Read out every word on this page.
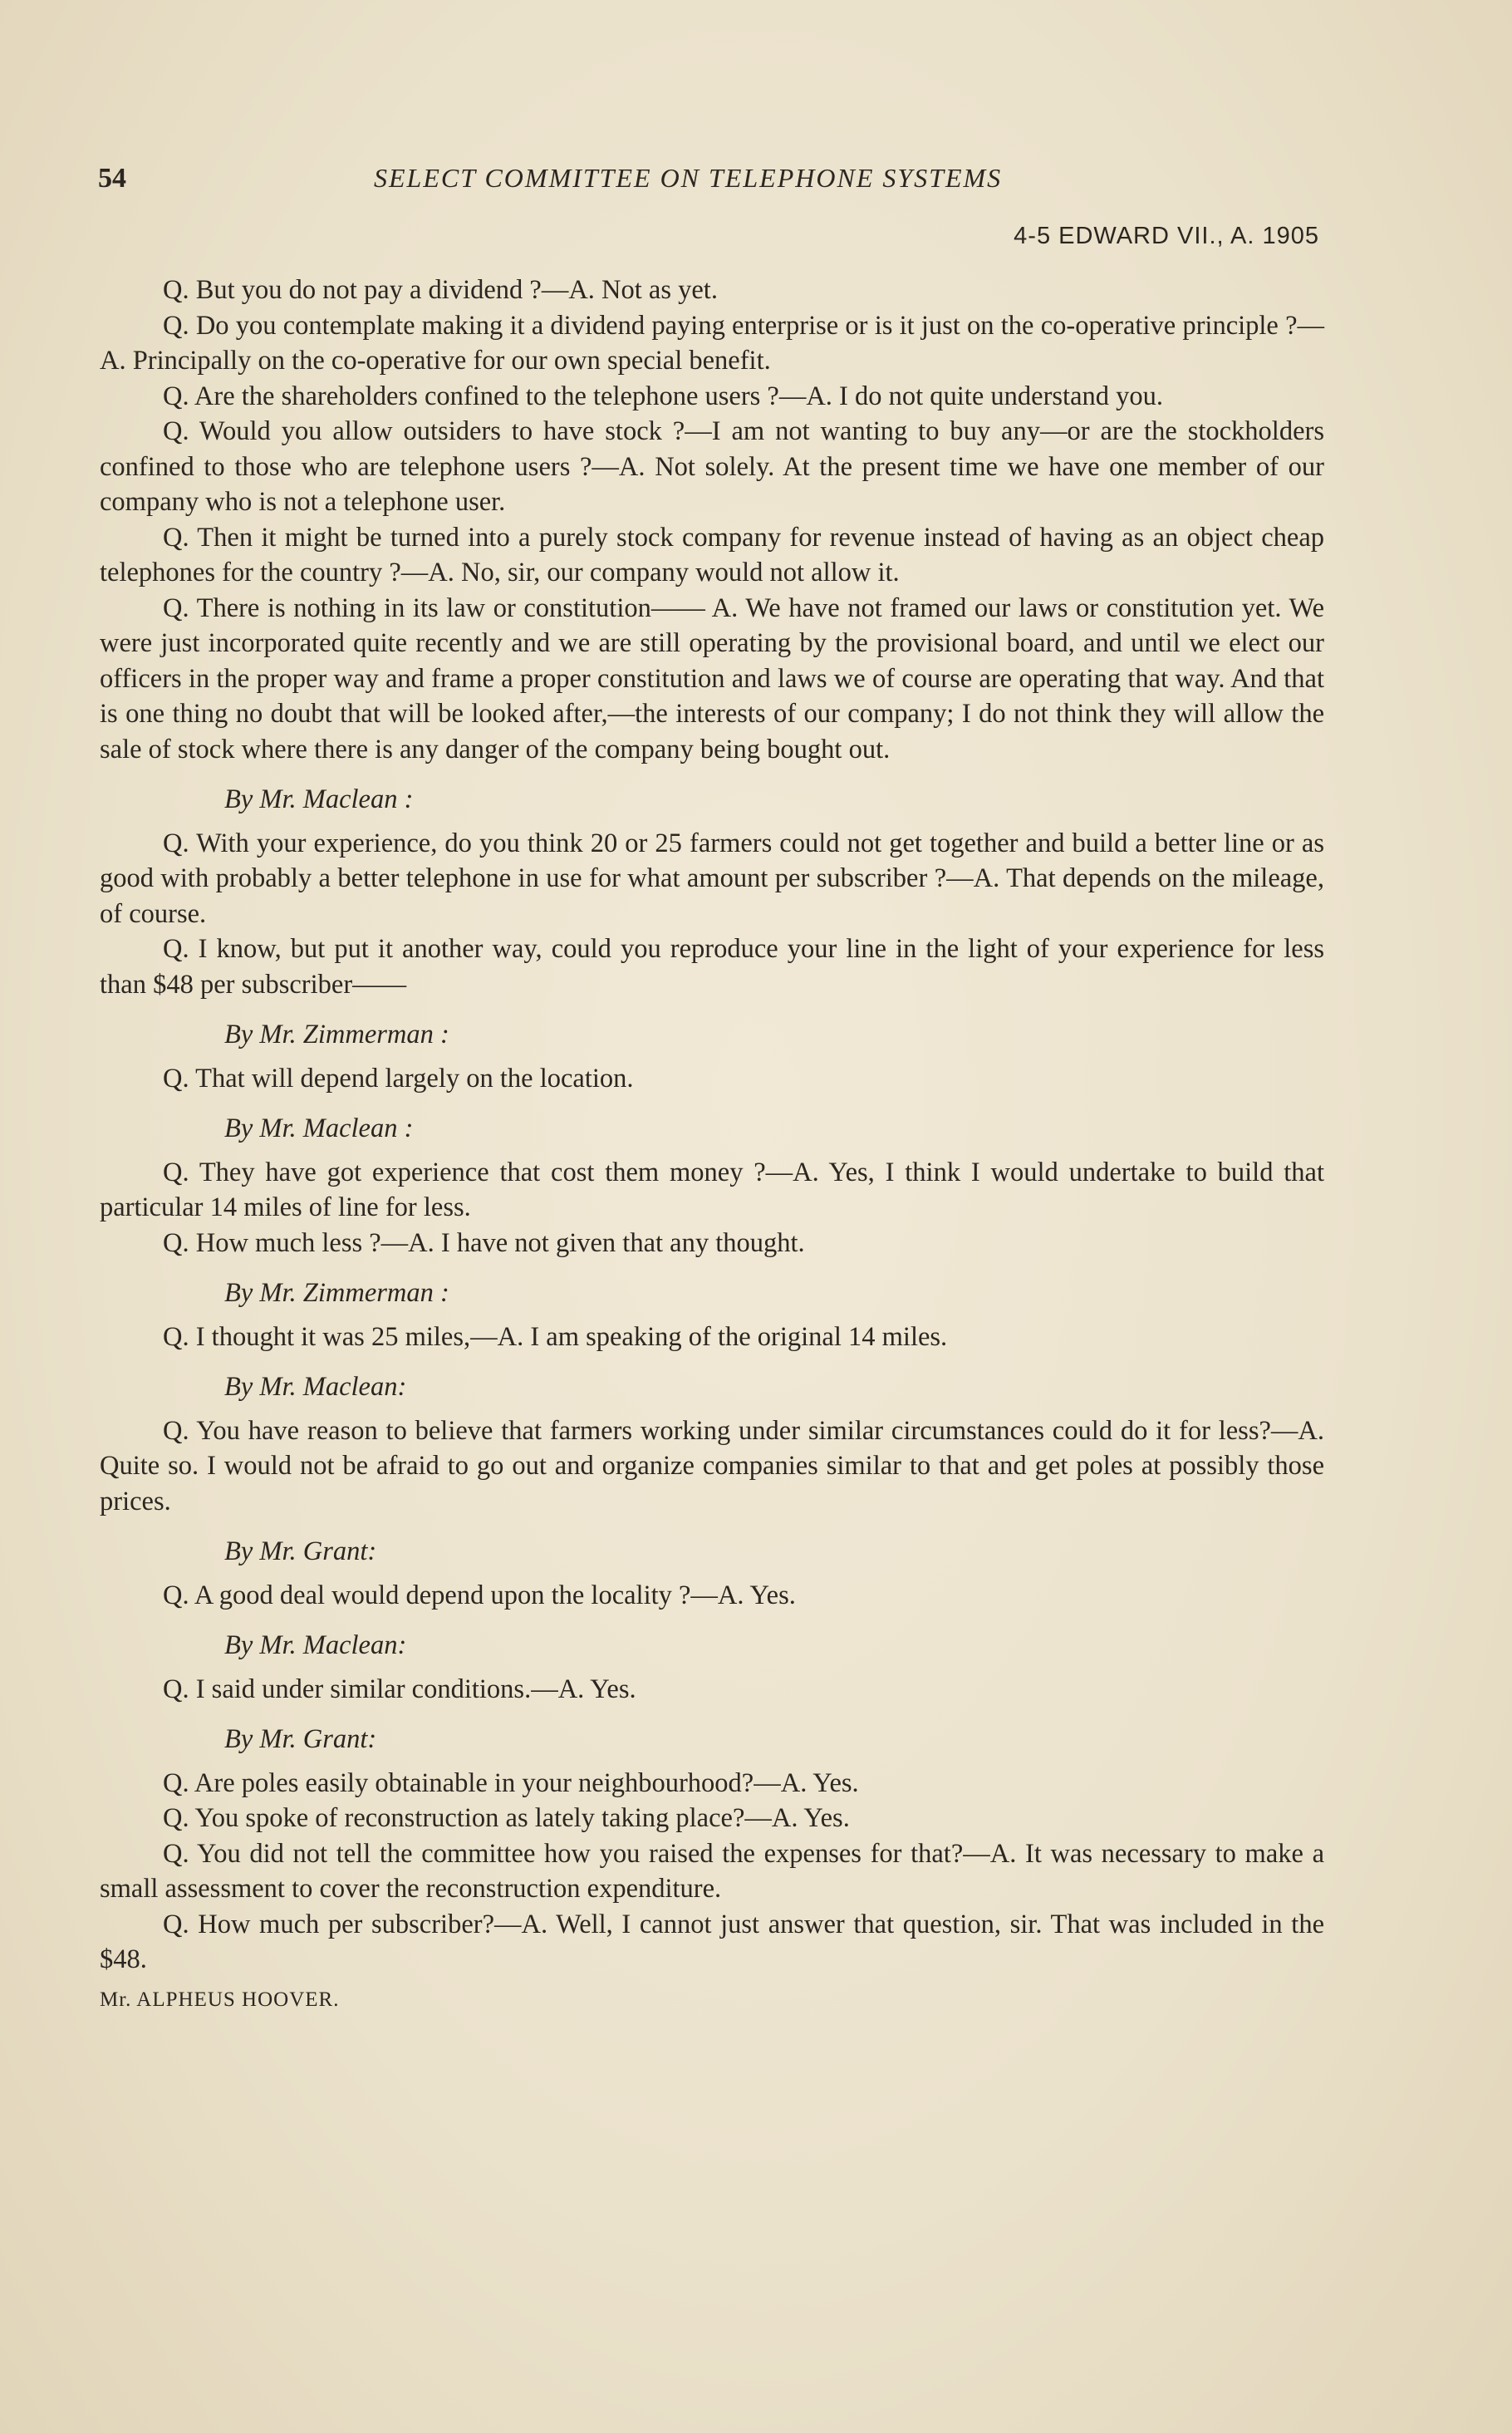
54	SELECT COMMITTEE ON TELEPHONE SYSTEMS
4-5 EDWARD VII., A. 1905

Q. But you do not pay a dividend ?—A. Not as yet.

Q. Do you contemplate making it a dividend paying enterprise or is it just on the co-operative principle ?—A. Principally on the co-operative for our own special benefit.

Q. Are the shareholders confined to the telephone users ?—A. I do not quite understand you.

Q. Would you allow outsiders to have stock ?—I am not wanting to buy any—or are the stockholders confined to those who are telephone users ?—A. Not solely. At the present time we have one member of our company who is not a telephone user.

Q. Then it might be turned into a purely stock company for revenue instead of having as an object cheap telephones for the country ?—A. No, sir, our company would not allow it.

Q. There is nothing in its law or constitution—— A. We have not framed our laws or constitution yet. We were just incorporated quite recently and we are still operating by the provisional board, and until we elect our officers in the proper way and frame a proper constitution and laws we of course are operating that way. And that is one thing no doubt that will be looked after,—the interests of our company; I do not think they will allow the sale of stock where there is any danger of the company being bought out.

By Mr. Maclean :

Q. With your experience, do you think 20 or 25 farmers could not get together and build a better line or as good with probably a better telephone in use for what amount per subscriber ?—A. That depends on the mileage, of course.

Q. I know, but put it another way, could you reproduce your line in the light of your experience for less than $48 per subscriber——

By Mr. Zimmerman :

Q. That will depend largely on the location.

By Mr. Maclean :

Q. They have got experience that cost them money ?—A. Yes, I think I would undertake to build that particular 14 miles of line for less.

Q. How much less ?—A. I have not given that any thought.

By Mr. Zimmerman :

Q. I thought it was 25 miles,—A. I am speaking of the original 14 miles.

By Mr. Maclean:

Q. You have reason to believe that farmers working under similar circumstances could do it for less?—A. Quite so. I would not be afraid to go out and organize companies similar to that and get poles at possibly those prices.

By Mr. Grant:

Q. A good deal would depend upon the locality ?—A. Yes.

By Mr. Maclean:

Q. I said under similar conditions.—A. Yes.

By Mr. Grant:

Q. Are poles easily obtainable in your neighbourhood?—A. Yes.

Q. You spoke of reconstruction as lately taking place?—A. Yes.

Q. You did not tell the committee how you raised the expenses for that?—A. It was necessary to make a small assessment to cover the reconstruction expenditure.

Q. How much per subscriber?—A. Well, I cannot just answer that question, sir. That was included in the $48.

Mr. ALPHEUS HOOVER.
